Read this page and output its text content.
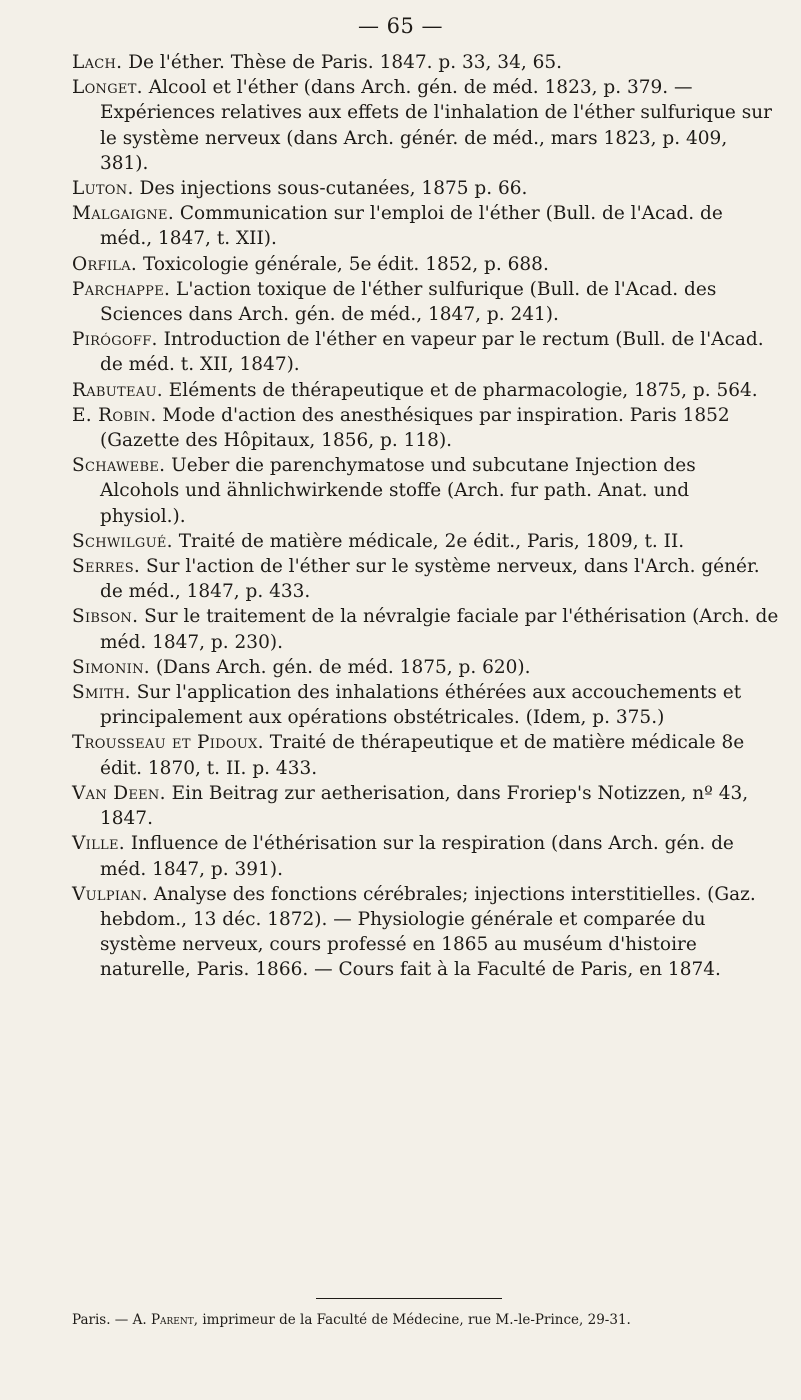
— 65 —

Lach. De l'éther. Thèse de Paris. 1847. p. 33, 34, 65.

Longet. Alcool et l'éther (dans Arch. gén. de méd. 1823, p. 379. — Expériences relatives aux effets de l'inhalation de l'éther sulfurique sur le système nerveux (dans Arch. génér. de méd., mars 1823, p. 409, 381).

Luton. Des injections sous-cutanées, 1875 p. 66.

Malgaigne. Communication sur l'emploi de l'éther (Bull. de l'Acad. de méd., 1847, t. XII).

Orfila. Toxicologie générale, 5e édit. 1852, p. 688.

Parchappe. L'action toxique de l'éther sulfurique (Bull. de l'Acad. des Sciences dans Arch. gén. de méd., 1847, p. 241).

Pirógoff. Introduction de l'éther en vapeur par le rectum (Bull. de l'Acad. de méd. t. XII, 1847).

Rabuteau. Eléments de thérapeutique et de pharmacologie, 1875, p. 564.

E. Robin. Mode d'action des anesthésiques par inspiration. Paris 1852 (Gazette des Hôpitaux, 1856, p. 118).

Schawebe. Ueber die parenchymatose und subcutane Injection des Alcohols und ähnlichwirkende stoffe (Arch. fur path. Anat. und physiol.).

Schwilgué. Traité de matière médicale, 2e édit., Paris, 1809, t. II.

Serres. Sur l'action de l'éther sur le système nerveux, dans l'Arch. génér. de méd., 1847, p. 433.

Sibson. Sur le traitement de la névralgie faciale par l'éthérisation (Arch. de méd. 1847, p. 230).

Simonin. (Dans Arch. gén. de méd. 1875, p. 620).

Smith. Sur l'application des inhalations éthérées aux accouchements et principalement aux opérations obstétricales. (Idem, p. 375.)

Trousseau et Pidoux. Traité de thérapeutique et de matière médicale 8e édit. 1870, t. II. p. 433.

Van Deen. Ein Beitrag zur aetherisation, dans Froriep's Notizzen, nº 43, 1847.

Ville. Influence de l'éthérisation sur la respiration (dans Arch. gén. de méd. 1847, p. 391).

Vulpian. Analyse des fonctions cérébrales; injections interstitielles. (Gaz. hebdom., 13 déc. 1872). — Physiologie générale et comparée du système nerveux, cours professé en 1865 au muséum d'histoire naturelle, Paris. 1866. — Cours fait à la Faculté de Paris, en 1874.

Paris. — A. Parent, imprimeur de la Faculté de Médecine, rue M.-le-Prince, 29-31.
